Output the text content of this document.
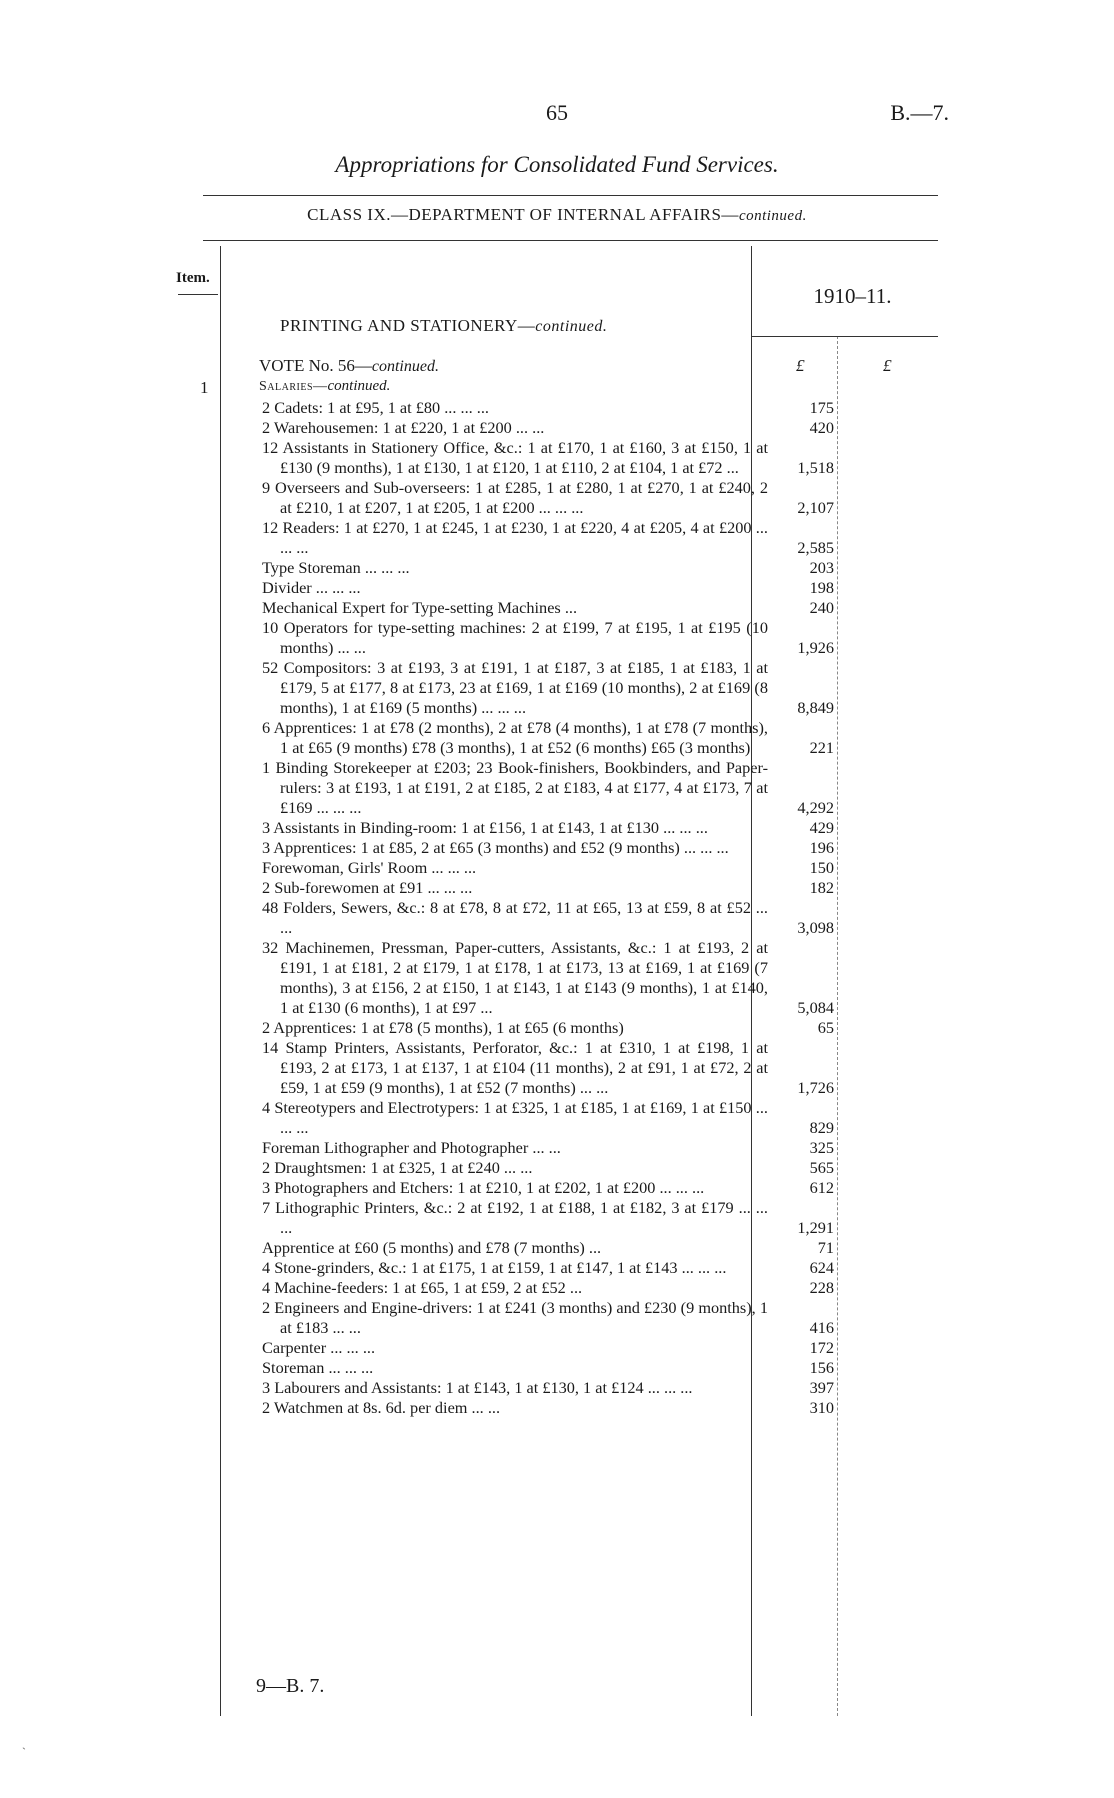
65	B.—7.
Appropriations for Consolidated Fund Services.
CLASS IX.—DEPARTMENT OF INTERNAL AFFAIRS—continued.
Item.
1910–11.
PRINTING AND STATIONERY—continued.
£	£
VOTE No. 56—continued.
1	Salaries—continued.
2 Cadets: 1 at £95, 1 at £80 ... ... ...	175
2 Warehousemen: 1 at £220, 1 at £200 ... ...	420
12 Assistants in Stationery Office, &c.: 1 at £170, 1 at £160, 3 at £150, 1 at £130 (9 months), 1 at £130, 1 at £120, 1 at £110, 2 at £104, 1 at £72 ...	1,518
9 Overseers and Sub-overseers: 1 at £285, 1 at £280, 1 at £270, 1 at £240, 2 at £210, 1 at £207, 1 at £205, 1 at £200 ... ... ...	2,107
12 Readers: 1 at £270, 1 at £245, 1 at £230, 1 at £220, 4 at £205, 4 at £200 ... ... ...	2,585
Type Storeman ... ... ...	203
Divider ... ... ...	198
Mechanical Expert for Type-setting Machines ...	240
10 Operators for type-setting machines: 2 at £199, 7 at £195, 1 at £195 (10 months) ... ...	1,926
52 Compositors: 3 at £193, 3 at £191, 1 at £187, 3 at £185, 1 at £183, 1 at £179, 5 at £177, 8 at £173, 23 at £169, 1 at £169 (10 months), 2 at £169 (8 months), 1 at £169 (5 months) ... ... ...	8,849
6 Apprentices: 1 at £78 (2 months), 2 at £78 (4 months), 1 at £78 (7 months), 1 at £65 (9 months) £78 (3 months), 1 at £52 (6 months) £65 (3 months)	221
1 Binding Storekeeper at £203; 23 Book-finishers, Bookbinders, and Paper-rulers: 3 at £193, 1 at £191, 2 at £185, 2 at £183, 4 at £177, 4 at £173, 7 at £169 ... ... ...	4,292
3 Assistants in Binding-room: 1 at £156, 1 at £143, 1 at £130 ... ... ...	429
3 Apprentices: 1 at £85, 2 at £65 (3 months) and £52 (9 months) ... ... ...	196
Forewoman, Girls' Room ... ... ...	150
2 Sub-forewomen at £91 ... ... ...	182
48 Folders, Sewers, &c.: 8 at £78, 8 at £72, 11 at £65, 13 at £59, 8 at £52 ... ...	3,098
32 Machinemen, Pressman, Paper-cutters, Assistants, &c.: 1 at £193, 2 at £191, 1 at £181, 2 at £179, 1 at £178, 1 at £173, 13 at £169, 1 at £169 (7 months), 3 at £156, 2 at £150, 1 at £143, 1 at £143 (9 months), 1 at £140, 1 at £130 (6 months), 1 at £97 ...	5,084
2 Apprentices: 1 at £78 (5 months), 1 at £65 (6 months)	65
14 Stamp Printers, Assistants, Perforator, &c.: 1 at £310, 1 at £198, 1 at £193, 2 at £173, 1 at £137, 1 at £104 (11 months), 2 at £91, 1 at £72, 2 at £59, 1 at £59 (9 months), 1 at £52 (7 months) ... ...	1,726
4 Stereotypers and Electrotypers: 1 at £325, 1 at £185, 1 at £169, 1 at £150 ... ... ...	829
Foreman Lithographer and Photographer ... ...	325
2 Draughtsmen: 1 at £325, 1 at £240 ... ...	565
3 Photographers and Etchers: 1 at £210, 1 at £202, 1 at £200 ... ... ...	612
7 Lithographic Printers, &c.: 2 at £192, 1 at £188, 1 at £182, 3 at £179 ... ... ...	1,291
Apprentice at £60 (5 months) and £78 (7 months) ...	71
4 Stone-grinders, &c.: 1 at £175, 1 at £159, 1 at £147, 1 at £143 ... ... ...	624
4 Machine-feeders: 1 at £65, 1 at £59, 2 at £52 ...	228
2 Engineers and Engine-drivers: 1 at £241 (3 months) and £230 (9 months), 1 at £183 ... ...	416
Carpenter ... ... ...	172
Storeman ... ... ...	156
3 Labourers and Assistants: 1 at £143, 1 at £130, 1 at £124 ... ... ...	397
2 Watchmen at 8s. 6d. per diem ... ...	310
9—B. 7.
`
